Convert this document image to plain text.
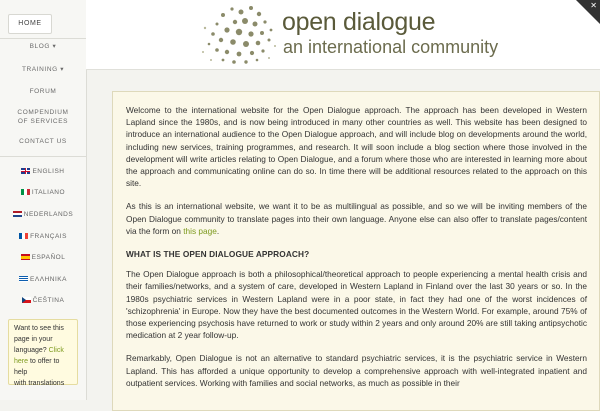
HOME
BLOG ▾
TRAINING ▾
FORUM
COMPENDIUM
OF SERVICES
CONTACT US
ENGLISH
ITALIANO
NEDERLANDS
FRANÇAIS
ESPAÑOL
ΕΛΛΗΝΙΚΑ
ČEŠTINA
Want to see this
page in your
language? Click
here to offer to help
with translations
open dialogue
an international community
✕

Welcome to the international website for the Open Dialogue approach. The approach has been developed in Western Lapland since the 1980s, and is now being introduced in many other countries as well. This website has been designed to introduce an international audience to the Open Dialogue approach, and will include blog on developments around the world, including new services, training programmes, and research. It will soon include a blog section where those involved in the development will write articles relating to Open Dialogue, and a forum where those who are interested in learning more about the approach and communicating online can do so. In time there will be additional resources related to the approach on this site.

As this is an international website, we want it to be as multilingual as possible, and so we will be inviting members of the Open Dialogue community to translate pages into their own language. Anyone else can also offer to translate pages/content via the form on this page.

WHAT IS THE OPEN DIALOGUE APPROACH?

The Open Dialogue approach is both a philosophical/theoretical approach to people experiencing a mental health crisis and their families/networks, and a system of care, developed in Western Lapland in Finland over the last 30 years or so. In the 1980s psychiatric services in Western Lapland were in a poor state, in fact they had one of the worst incidences of 'schizophrenia' in Europe. Now they have the best documented outcomes in the Western World. For example, around 75% of those experiencing psychosis have returned to work or study within 2 years and only around 20% are still taking antipsychotic medication at 2 year follow-up.

Remarkably, Open Dialogue is not an alternative to standard psychiatric services, it is the psychiatric service in Western Lapland. This has afforded a unique opportunity to develop a comprehensive approach with well-integrated inpatient and outpatient services. Working with families and social networks, as much as possible in their
